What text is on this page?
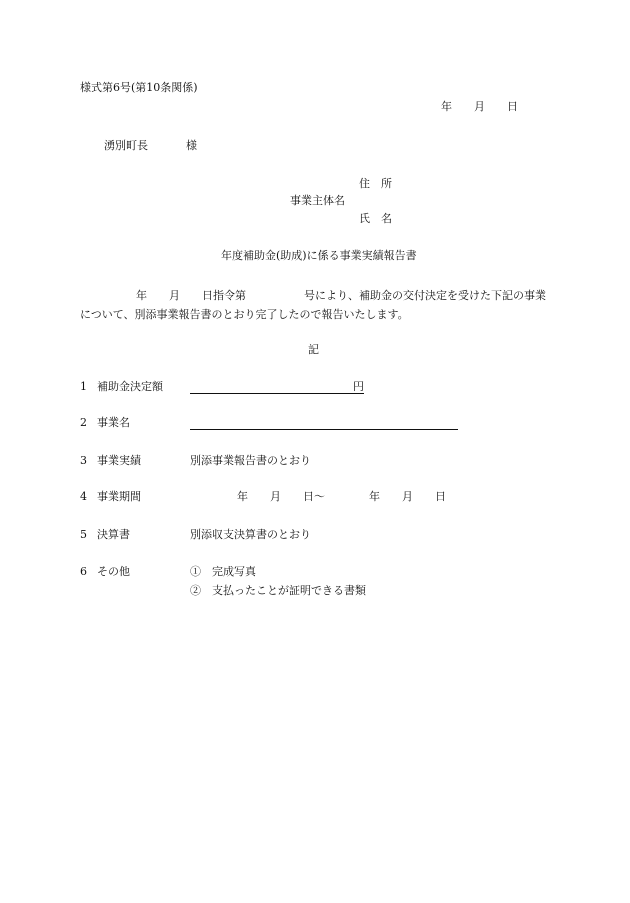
様式第6号(第10条関係)
年 月 日
湧別町長	様
住　所
事業主体名
氏　名
年度補助金(助成)に係る事業実績報告書
年 月 日指令第	号により、補助金の交付決定を受けた下記の事業について、別添事業報告書のとおり完了したので報告いたします。
記
1 補助金決定額	円
2 事業名
3 事業実績	別添事業報告書のとおり
4 事業期間	年 月 日〜	年 月 日
5 決算書	別添収支決算書のとおり
6 その他	①　完成写真
②　支払ったことが証明できる書類
